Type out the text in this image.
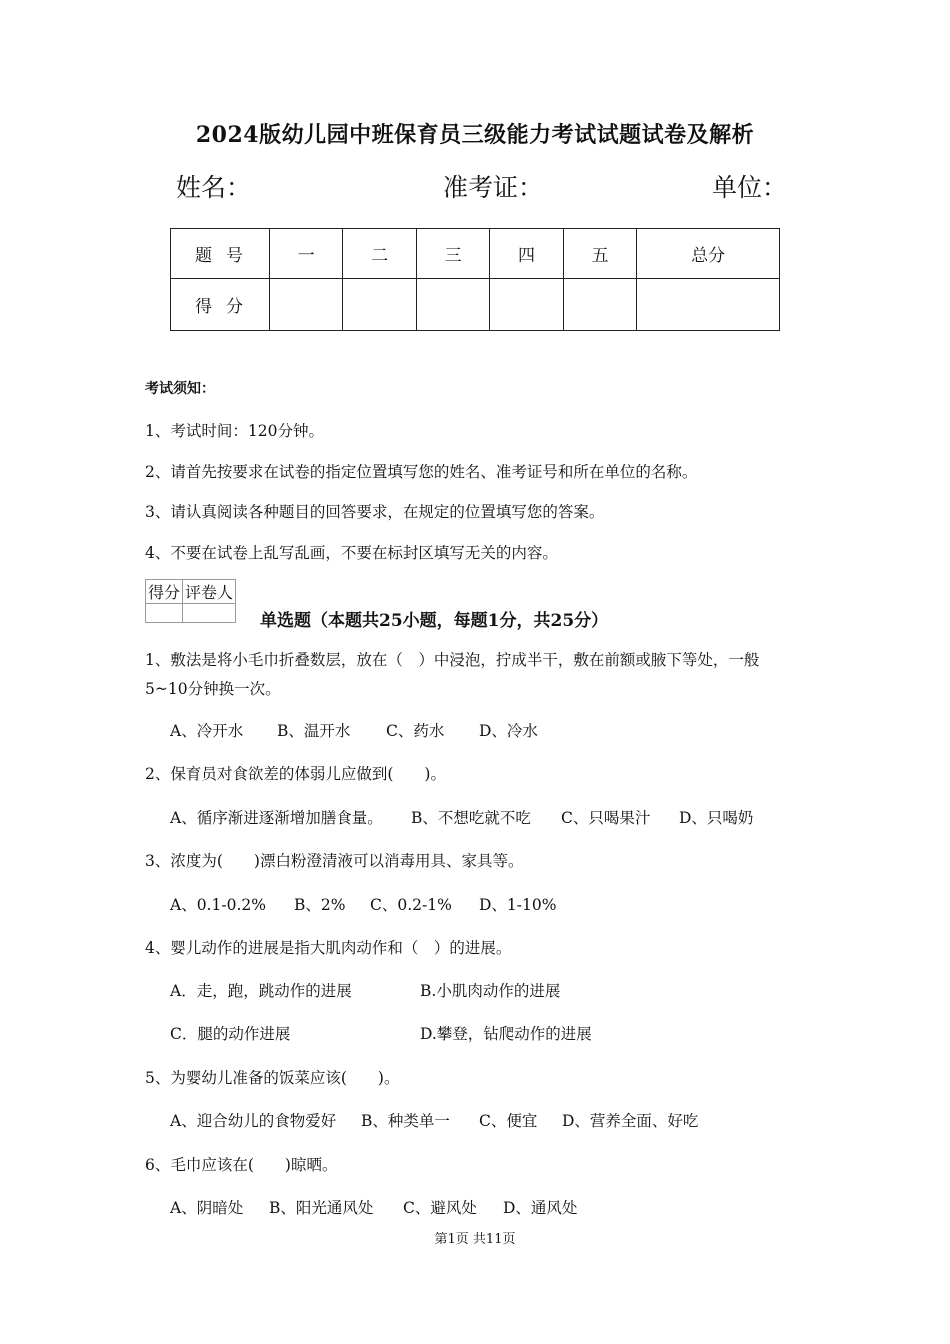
2024版幼儿园中班保育员三级能力考试试题试卷及解析
姓名：	准考证：	单位：
题号	一	二	三	四	五	总分
得分						
考试须知：
1、考试时间：120分钟。
2、请首先按要求在试卷的指定位置填写您的姓名、准考证号和所在单位的名称。
3、请认真阅读各种题目的回答要求，在规定的位置填写您的答案。
4、不要在试卷上乱写乱画，不要在标封区填写无关的内容。
得分	评卷人

单选题（本题共25小题，每题1分，共25分）
1、敷法是将小毛巾折叠数层，放在（　）中浸泡，拧成半干，敷在前额或腋下等处，一般
5~10分钟换一次。
A、冷开水 B、温开水 C、药水 D、冷水
2、保育员对食欲差的体弱儿应做到(　　)。
A、循序渐进逐渐增加膳食量。 B、不想吃就不吃 C、只喝果汁 D、只喝奶
3、浓度为(　　)漂白粉澄清液可以消毒用具、家具等。
A、0.1-0.2% B、2% C、0.2-1% D、1-10%
4、婴儿动作的进展是指大肌肉动作和（　）的进展。
A．走，跑，跳动作的进展	B.小肌肉动作的进展
C．腿的动作进展	D.攀登，钻爬动作的进展
5、为婴幼儿准备的饭菜应该(　　)。
A、迎合幼儿的食物爱好 B、种类单一 C、便宜 D、营养全面、好吃
6、毛巾应该在(　　)晾晒。
A、阴暗处 B、阳光通风处 C、避风处 D、通风处
第1页 共11页
